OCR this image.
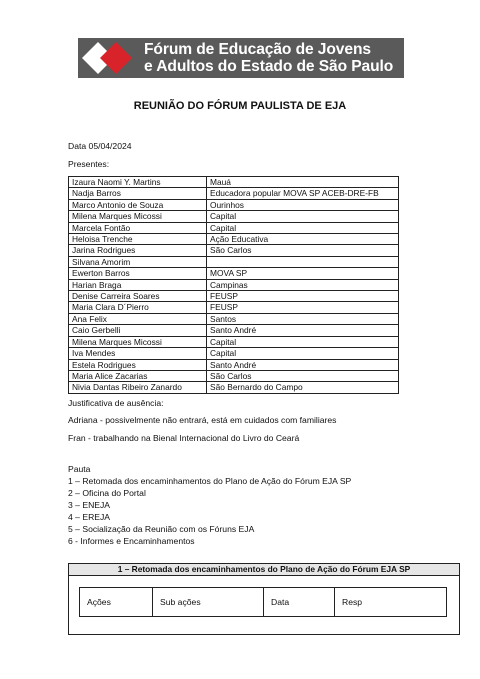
Fórum de Educação de Jovens
e Adultos do Estado de São Paulo
REUNIÃO DO FÓRUM PAULISTA DE EJA
Data 05/04/2024
Presentes:
Izaura Naomi Y. Martins	Mauá
Nadja Barros	Educadora popular MOVA SP ACEB-DRE-FB
Marco Antonio de Souza	Ourinhos
Milena Marques Micossi	Capital
Marcela Fontão	Capital
Heloisa Trenche	Ação Educativa
Jarina Rodrigues	São Carlos
Silvana Amorim	
Ewerton Barros	MOVA SP
Harian Braga	Campinas
Denise Carreira Soares	FEUSP
Maria Clara D´Pierro	FEUSP
Ana Felix	Santos
Caio Gerbelli	Santo André
Milena Marques Micossi	Capital
Iva Mendes	Capital
Estela Rodrigues	Santo André
Maria Alice Zacarias	São Carlos
Nivia Dantas Ribeiro Zanardo	São Bernardo do Campo
Justificativa de ausência:
Adriana - possivelmente não entrará, está em cuidados com familiares
Fran - trabalhando na Bienal Internacional do Livro do Ceará
Pauta
1 – Retomada dos encaminhamentos do Plano de Ação do Fórum EJA SP
2 – Oficina do Portal
3 – ENEJA
4 – EREJA
5 – Socialização da Reunião com os Fóruns EJA
6 - Informes e Encaminhamentos
1 – Retomada dos encaminhamentos do Plano de Ação do Fórum EJA SP
Ações	Sub ações	Data	Resp
